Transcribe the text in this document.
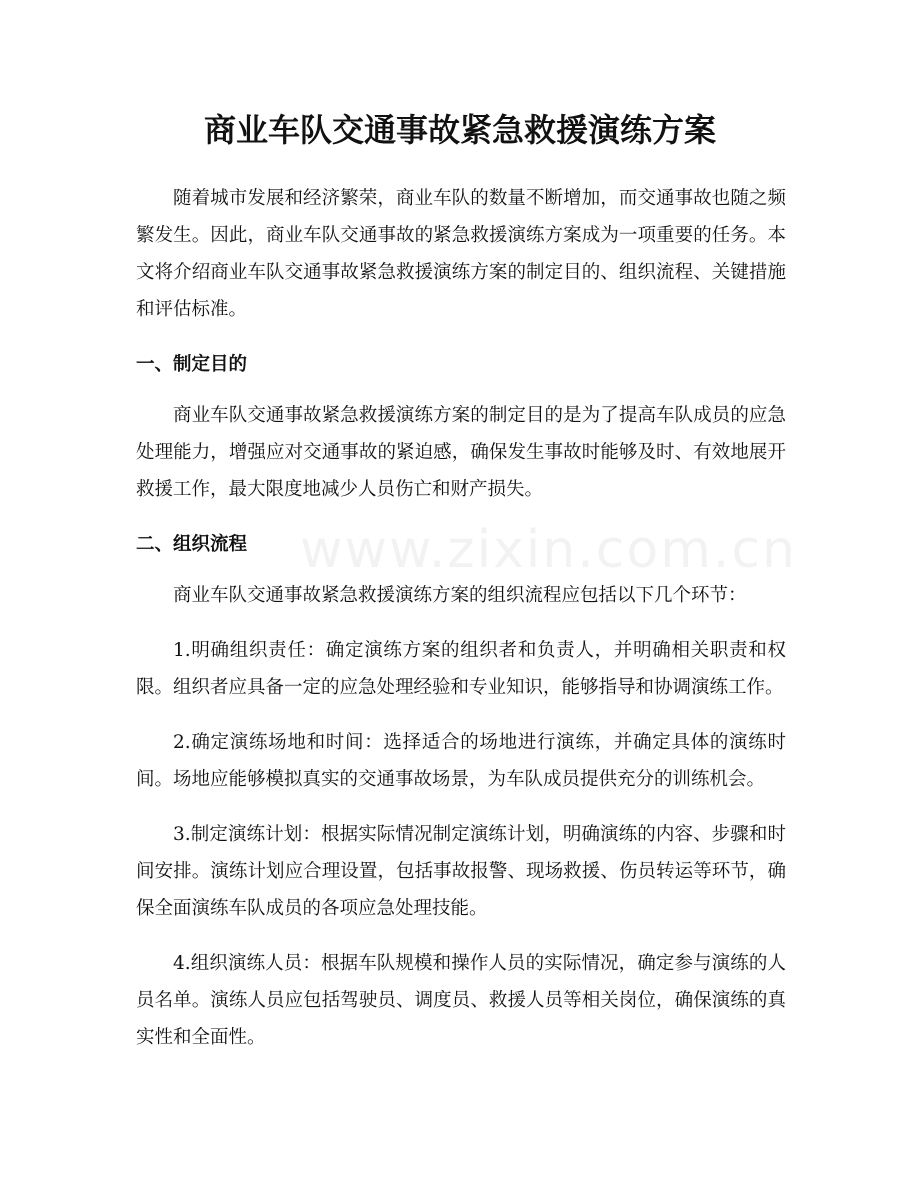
www.zixin.com.cn
商业车队交通事故紧急救援演练方案

随着城市发展和经济繁荣，商业车队的数量不断增加，而交通事故也随之频繁发生。因此，商业车队交通事故的紧急救援演练方案成为一项重要的任务。本文将介绍商业车队交通事故紧急救援演练方案的制定目的、组织流程、关键措施和评估标准。

一、制定目的

商业车队交通事故紧急救援演练方案的制定目的是为了提高车队成员的应急处理能力，增强应对交通事故的紧迫感，确保发生事故时能够及时、有效地展开救援工作，最大限度地减少人员伤亡和财产损失。

二、组织流程

商业车队交通事故紧急救援演练方案的组织流程应包括以下几个环节：

1.明确组织责任：确定演练方案的组织者和负责人，并明确相关职责和权限。组织者应具备一定的应急处理经验和专业知识，能够指导和协调演练工作。

2.确定演练场地和时间：选择适合的场地进行演练，并确定具体的演练时间。场地应能够模拟真实的交通事故场景，为车队成员提供充分的训练机会。

3.制定演练计划：根据实际情况制定演练计划，明确演练的内容、步骤和时间安排。演练计划应合理设置，包括事故报警、现场救援、伤员转运等环节，确保全面演练车队成员的各项应急处理技能。

4.组织演练人员：根据车队规模和操作人员的实际情况，确定参与演练的人员名单。演练人员应包括驾驶员、调度员、救援人员等相关岗位，确保演练的真实性和全面性。
